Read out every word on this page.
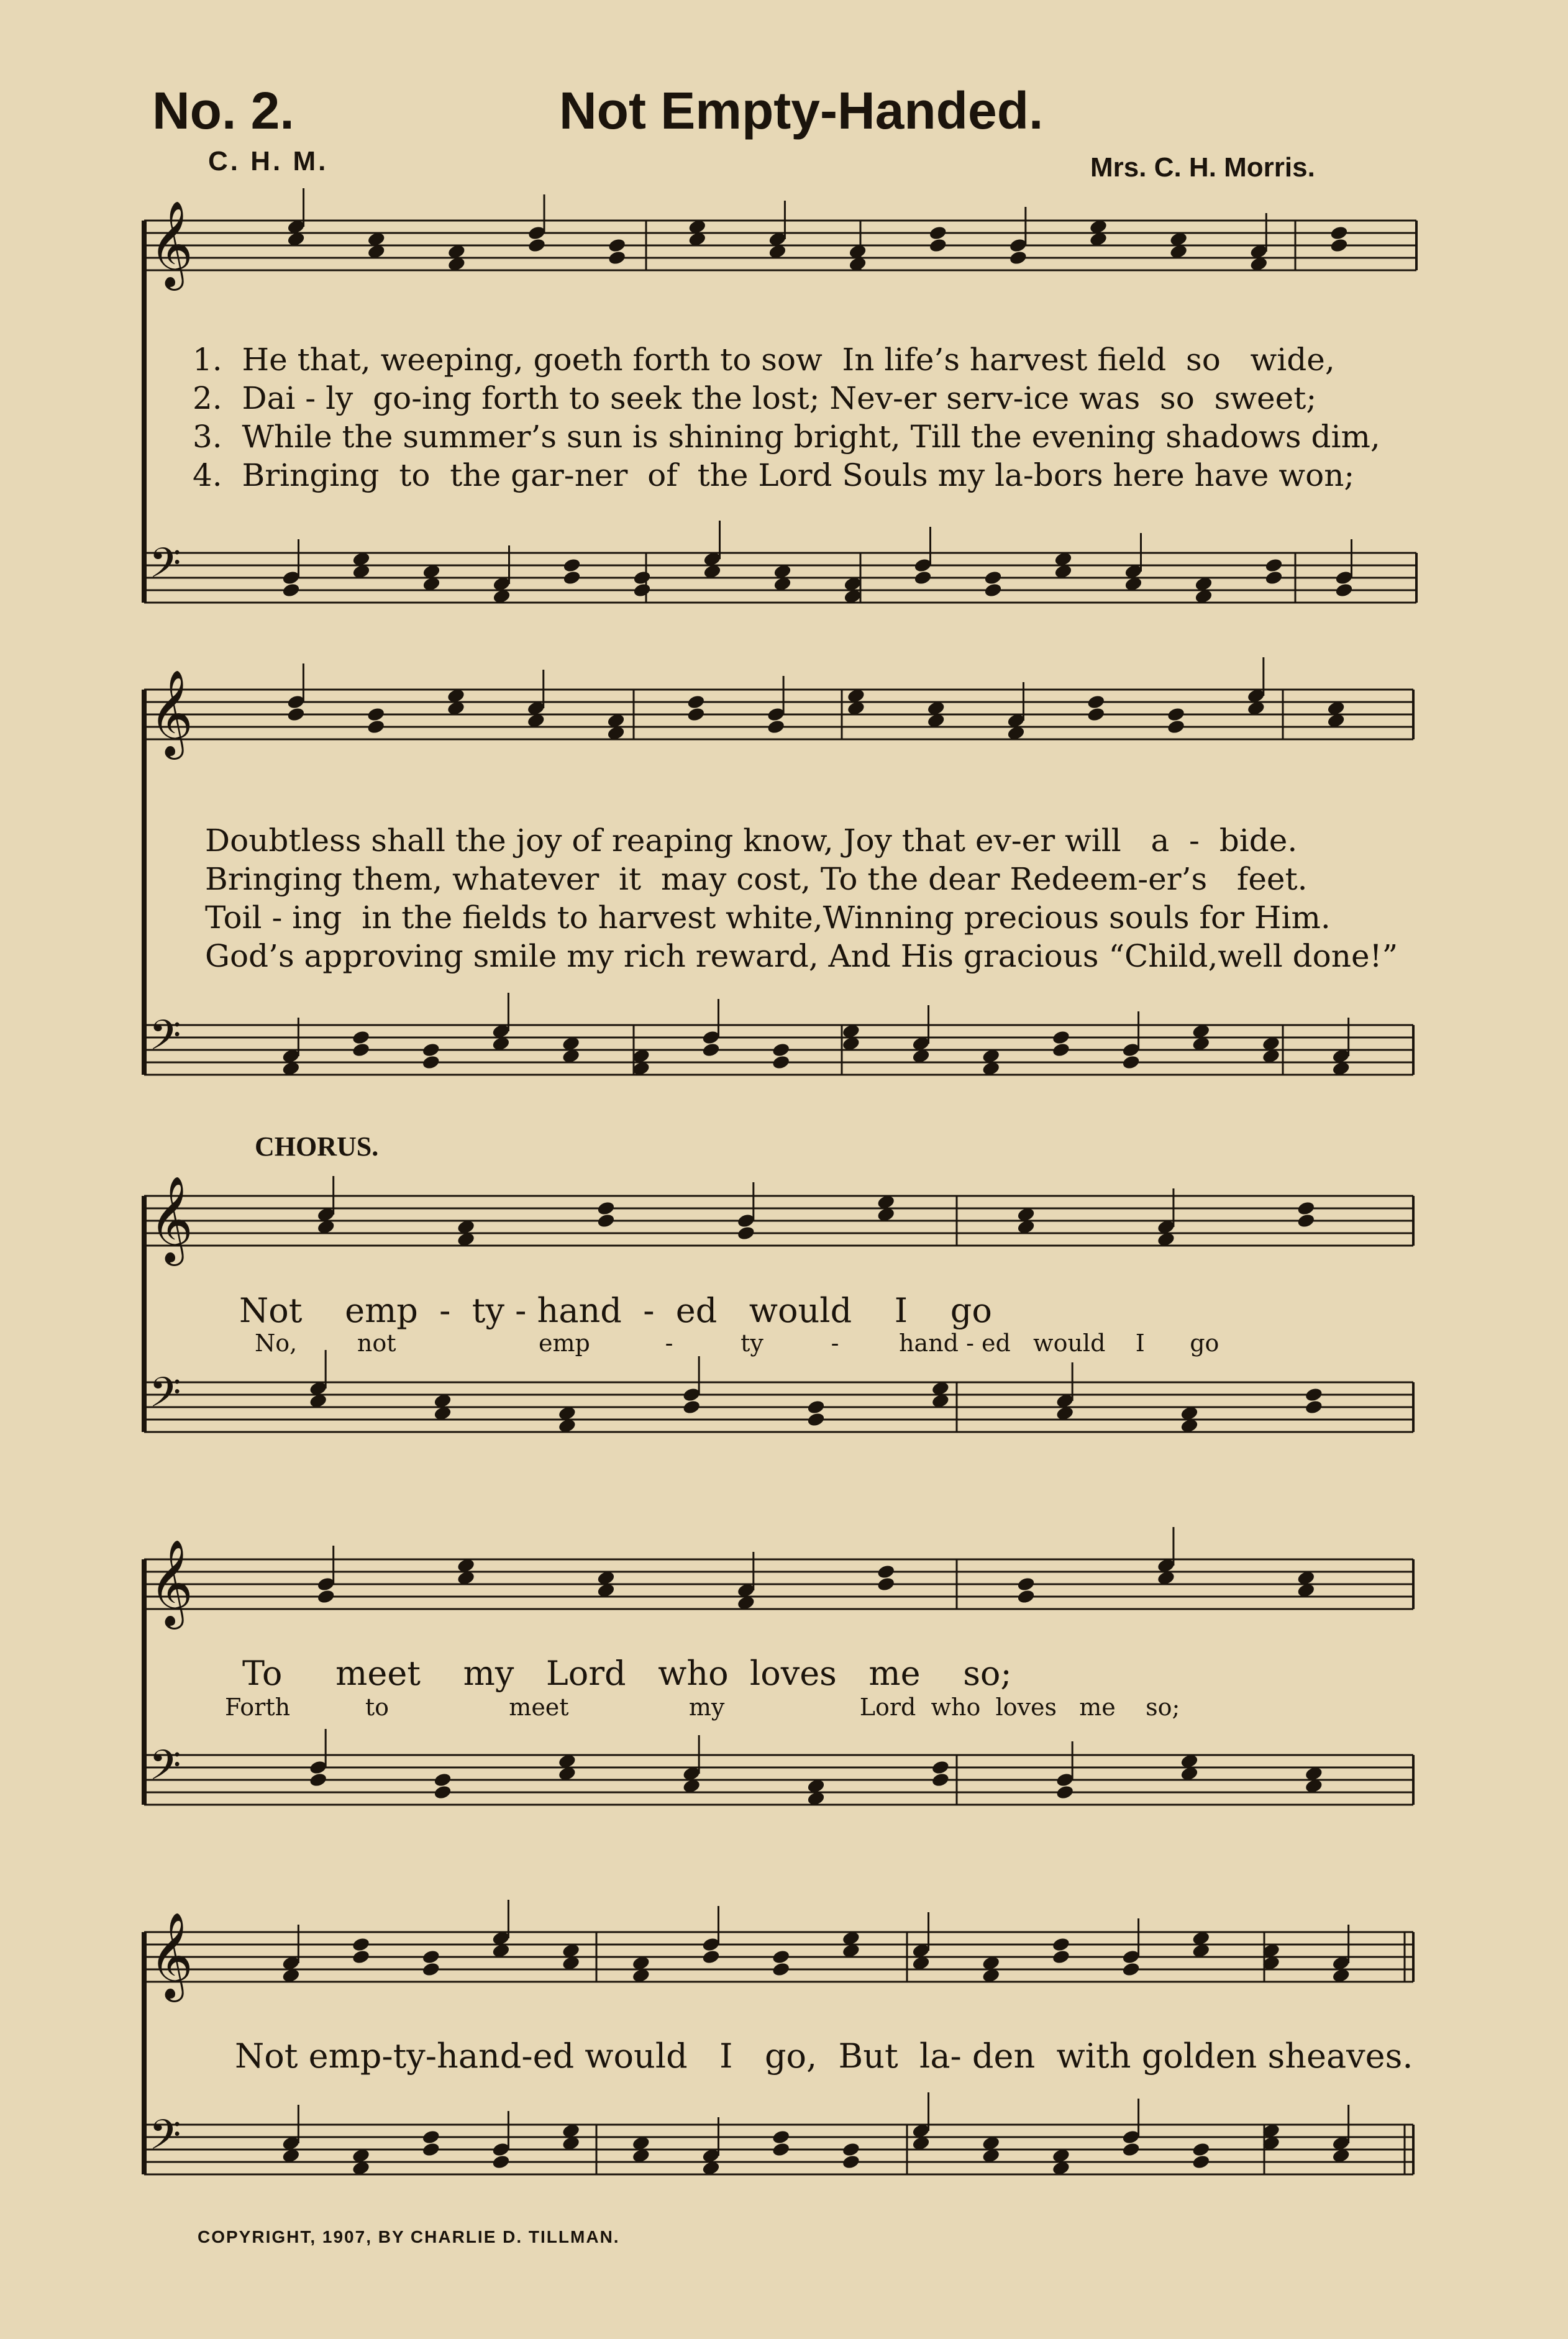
No. 2.	Not Empty-Handed.
C. H. M.	Mrs. C. H. Morris.
𝄞
𝄢
𝄞
𝄢
𝄞
𝄢
𝄞
𝄢
𝄞
𝄢
1.  He that, weeping, goeth forth to sow  In life’s harvest field  so   wide,
2.  Dai - ly  go-ing forth to seek the lost; Nev-er serv-ice was  so  sweet;
3.  While the summer’s sun is shining bright, Till the evening shadows dim,
4.  Bringing  to  the gar-ner  of  the Lord Souls my la-bors here have won;
Doubtless shall the joy of reaping know, Joy that ev-er will   a  -  bide.
Bringing them, whatever  it  may cost, To the dear Redeem-er’s   feet.
Toil - ing  in the fields to harvest white,Winning precious souls for Him.
God’s approving smile my rich reward, And His gracious “Child,well done!”
CHORUS.
Not    emp  -  ty - hand  -  ed   would    I    go
No,        not                   emp          -         ty         -        hand - ed   would    I      go
To     meet    my   Lord   who  loves   me    so;
Forth          to                meet                my                  Lord  who  loves   me    so;
Not emp-ty-hand-ed would   I   go,  But  la- den  with golden sheaves.
COPYRIGHT, 1907, BY CHARLIE D. TILLMAN.
